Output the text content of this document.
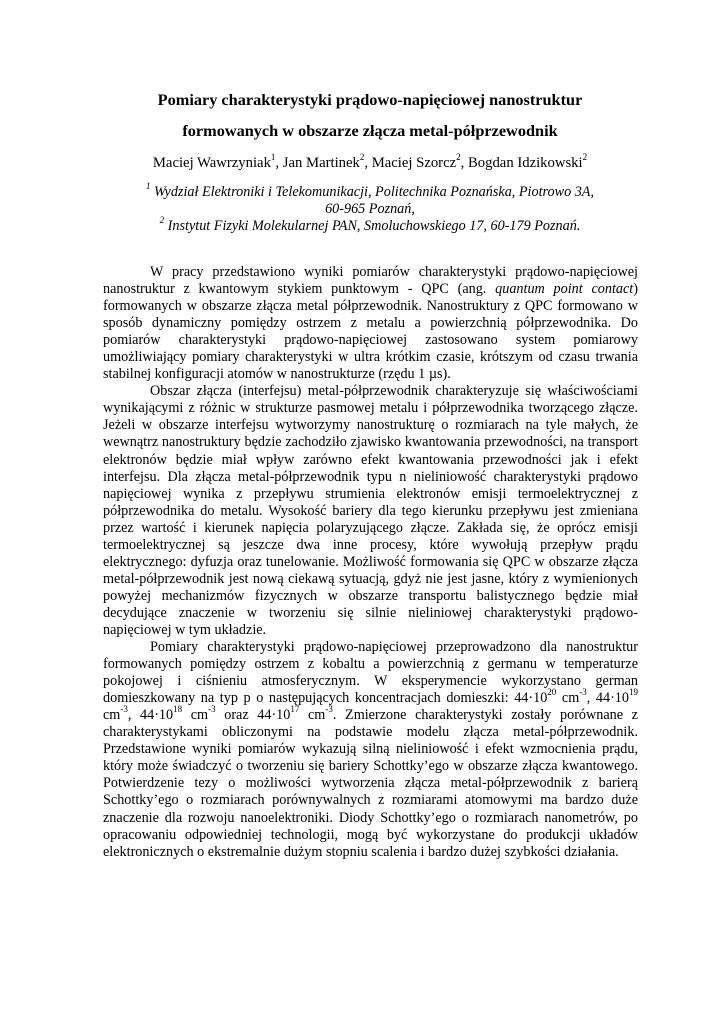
Pomiary charakterystyki prądowo-napięciowej nanostruktur
formowanych w obszarze złącza metal-półprzewodnik
Maciej Wawrzyniak$^1$, Jan Martinek$^2$, Maciej Szorcz$^2$, Bogdan Idzikowski$^2$
$^1$ Wydział Elektroniki i Telekomunikacji, Politechnika Poznańska, Piotrowo 3A,
60-965 Poznań,
$^2$ Instytut Fizyki Molekularnej PAN, Smoluchowskiego 17, 60-179 Poznań.

W pracy przedstawiono wyniki pomiarów charakterystyki prądowo-napięciowej nanostruktur z kwantowym stykiem punktowym - QPC (ang. quantum point contact) formowanych w obszarze złącza metal półprzewodnik. Nanostruktury z QPC formowano w sposób dynamiczny pomiędzy ostrzem z metalu a powierzchnią półprzewodnika. Do pomiarów charakterystyki prądowo-napięciowej zastosowano system pomiarowy umożliwiający pomiary charakterystyki w ultra krótkim czasie, krótszym od czasu trwania stabilnej konfiguracji atomów w nanostrukturze (rzędu 1 µs).

Obszar złącza (interfejsu) metal-półprzewodnik charakteryzuje się właściwościami wynikającymi z różnic w strukturze pasmowej metalu i półprzewodnika tworzącego złącze. Jeżeli w obszarze interfejsu wytworzymy nanostrukturę o rozmiarach na tyle małych, że wewnątrz nanostruktury będzie zachodziło zjawisko kwantowania przewodności, na transport elektronów będzie miał wpływ zarówno efekt kwantowania przewodności jak i efekt interfejsu. Dla złącza metal-półprzewodnik typu n nieliniowość charakterystyki prądowo napięciowej wynika z przepływu strumienia elektronów emisji termoelektrycznej z półprzewodnika do metalu. Wysokość bariery dla tego kierunku przepływu jest zmieniana przez wartość i kierunek napięcia polaryzującego złącze. Zakłada się, że oprócz emisji termoelektrycznej są jeszcze dwa inne procesy, które wywołują przepływ prądu elektrycznego: dyfuzja oraz tunelowanie. Możliwość formowania się QPC w obszarze złącza metal-półprzewodnik jest nową ciekawą sytuacją, gdyż nie jest jasne, który z wymienionych powyżej mechanizmów fizycznych w obszarze transportu balistycznego będzie miał decydujące znaczenie w tworzeniu się silnie nieliniowej charakterystyki prądowo-napięciowej w tym układzie.

Pomiary charakterystyki prądowo-napięciowej przeprowadzono dla nanostruktur formowanych pomiędzy ostrzem z kobaltu a powierzchnią z germanu w temperaturze pokojowej i ciśnieniu atmosferycznym. W eksperymencie wykorzystano german domieszkowany na typ p o następujących koncentracjach domieszki: $44\cdot 10^{20}$ $cm^{-3}$, $44\cdot 10^{19}$ $cm^{-3}$, $44\cdot 10^{18}$ $cm^{-3}$ oraz $44\cdot 10^{17}$ $cm^{-3}$. Zmierzone charakterystyki zostały porównane z charakterystykami obliczonymi na podstawie modelu złącza metal-półprzewodnik. Przedstawione wyniki pomiarów wykazują silną nieliniowość i efekt wzmocnienia prądu, który może świadczyć o tworzeniu się bariery Schottky’ego w obszarze złącza kwantowego. Potwierdzenie tezy o możliwości wytworzenia złącza metal-półprzewodnik z barierą Schottky’ego o rozmiarach porównywalnych z rozmiarami atomowymi ma bardzo duże znaczenie dla rozwoju nanoelektroniki. Diody Schottky’ego o rozmiarach nanometrów, po opracowaniu odpowiedniej technologii, mogą być wykorzystane do produkcji układów elektronicznych o ekstremalnie dużym stopniu scalenia i bardzo dużej szybkości działania.
